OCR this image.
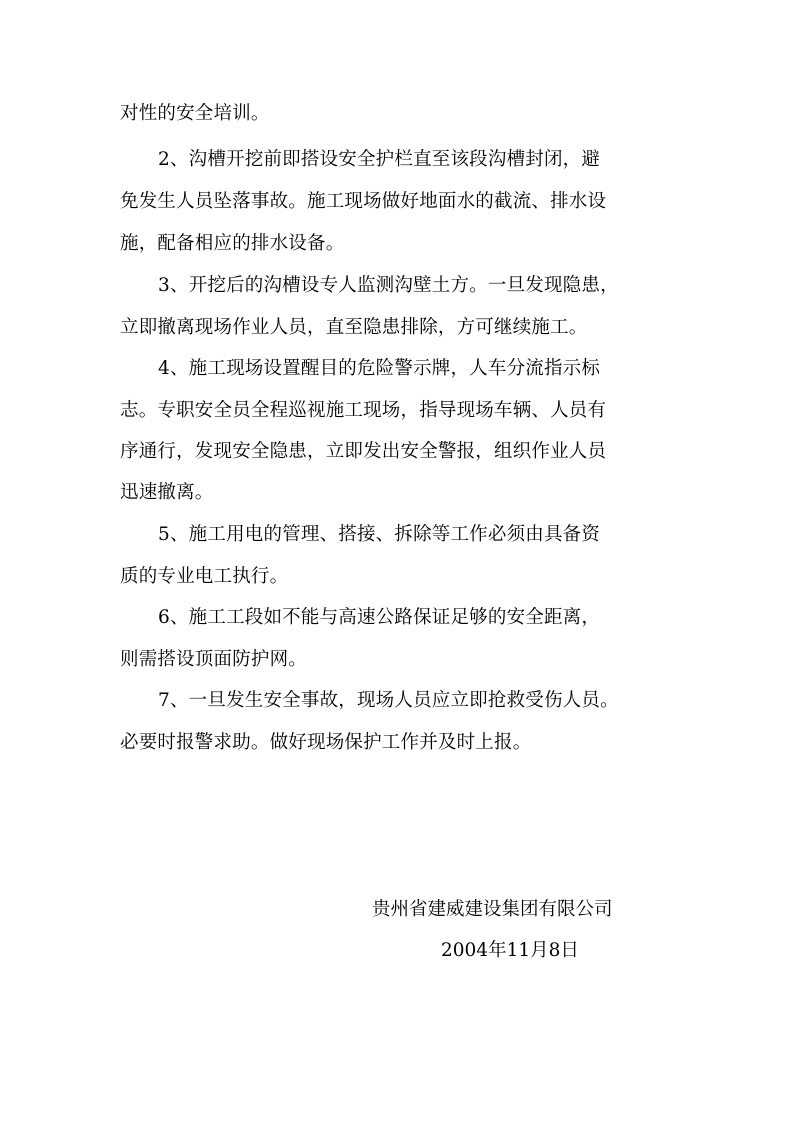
对性的安全培训。
2、沟槽开挖前即搭设安全护栏直至该段沟槽封闭，避
免发生人员坠落事故。施工现场做好地面水的截流、排水设
施，配备相应的排水设备。
3、开挖后的沟槽设专人监测沟壁土方。一旦发现隐患，
立即撤离现场作业人员，直至隐患排除，方可继续施工。
4、施工现场设置醒目的危险警示牌，人车分流指示标
志。专职安全员全程巡视施工现场，指导现场车辆、人员有
序通行，发现安全隐患，立即发出安全警报，组织作业人员
迅速撤离。
5、施工用电的管理、搭接、拆除等工作必须由具备资
质的专业电工执行。
6、施工工段如不能与高速公路保证足够的安全距离，
则需搭设顶面防护网。
7、一旦发生安全事故，现场人员应立即抢救受伤人员。
必要时报警求助。做好现场保护工作并及时上报。
贵州省建威建设集团有限公司
2004年11月8日
